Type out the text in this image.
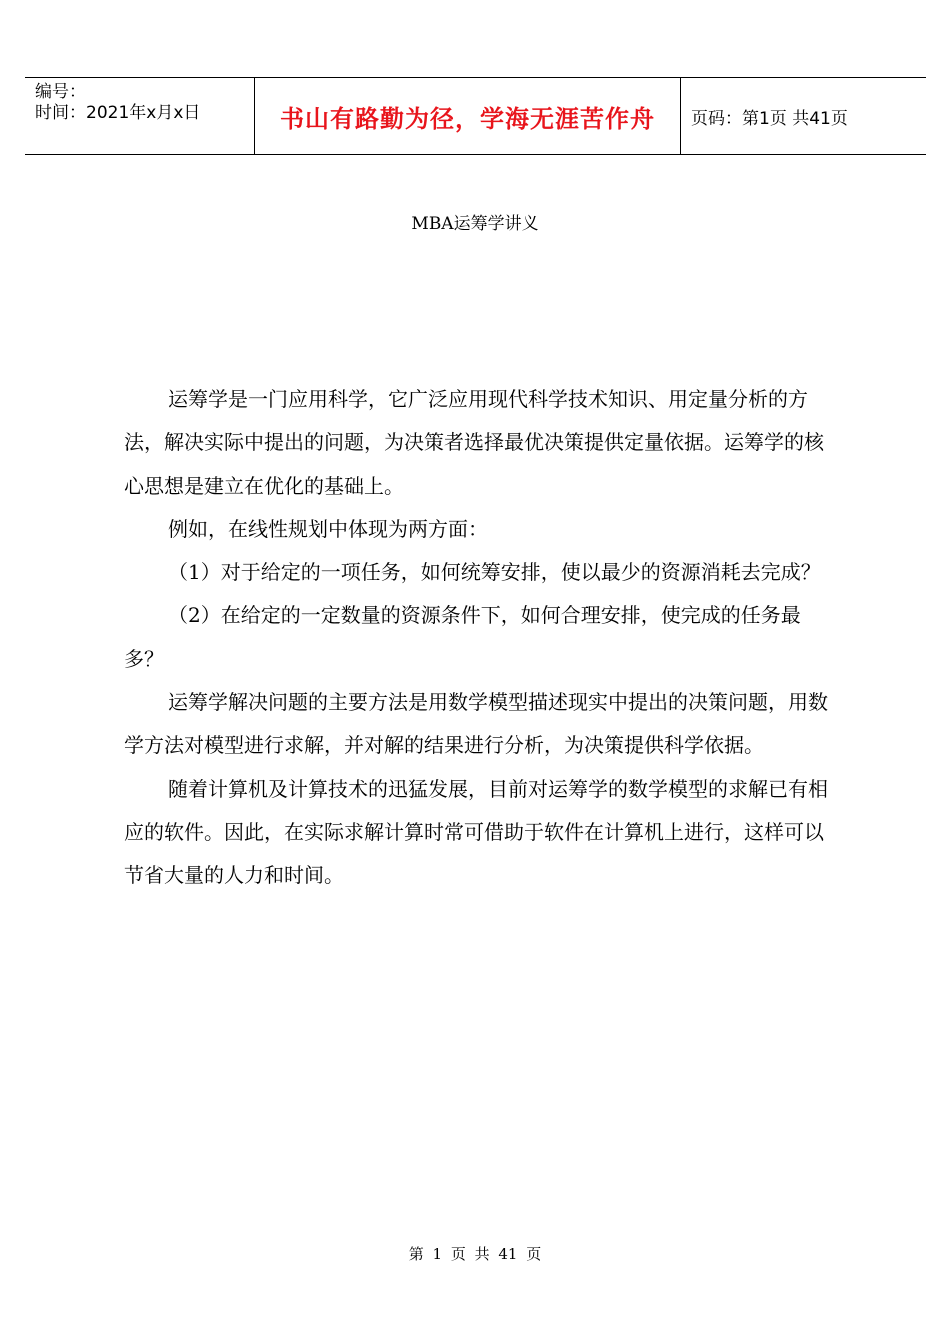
编号：
时间：2021年x月x日	书山有路勤为径，学海无涯苦作舟 页码：第1页 共41页
MBA运筹学讲义

运筹学是一门应用科学，它广泛应用现代科学技术知识、用定量分析的方法，解决实际中提出的问题，为决策者选择最优决策提供定量依据。运筹学的核心思想是建立在优化的基础上。

例如，在线性规划中体现为两方面：

（1）对于给定的一项任务，如何统筹安排，使以最少的资源消耗去完成？

（2）在给定的一定数量的资源条件下，如何合理安排，使完成的任务最多？

运筹学解决问题的主要方法是用数学模型描述现实中提出的决策问题，用数学方法对模型进行求解，并对解的结果进行分析，为决策提供科学依据。

随着计算机及计算技术的迅猛发展，目前对运筹学的数学模型的求解已有相应的软件。因此，在实际求解计算时常可借助于软件在计算机上进行，这样可以节省大量的人力和时间。

第 1 页 共 41 页
